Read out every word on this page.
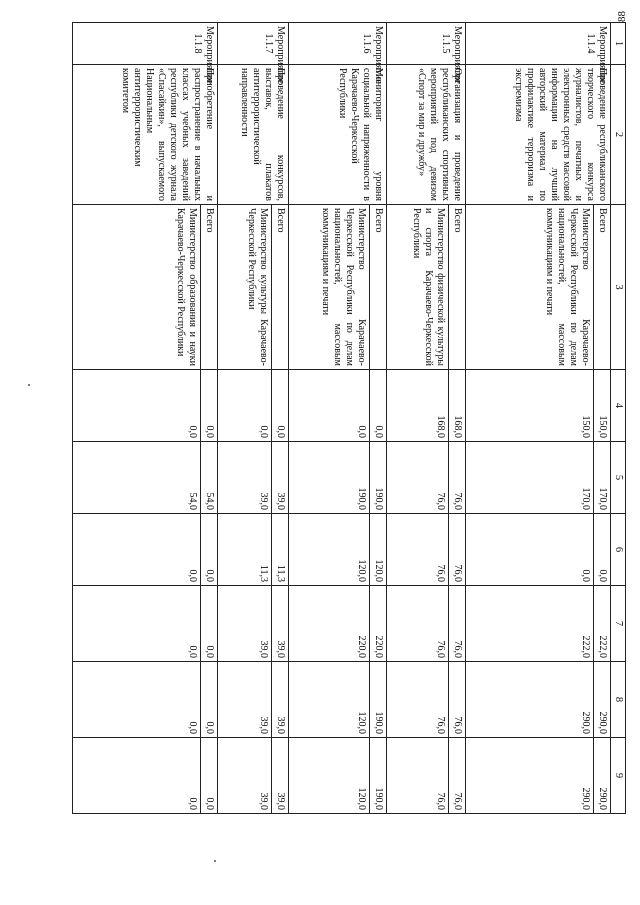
88
1	2	3	4	5	6	7	8	9
Мероприятие 1.1.4	Проведение республиканского творческого конкурса журналистов, печатных и электронных средств массовой информации на лучший авторский материал по профилактике терроризма и экстремизма	Всего	150,0	170,0	0,0	222,0	290,0	290,0
		Министерство Карачаево-Черкесской Республики по делам национальностей, массовым коммуникациям и печати	150,0	170,0	0,0	222,0	290,0	290,0
Мероприятие 1.1.5	Организация и проведение республиканских спортивных мероприятий под девизом «Спорт за мир и дружбу»	Всего	168,0	76,0	76,0	76,0	76,0	76,0
		Министерство физической культуры и спорта Карачаево-Черкесской Республики	168,0	76,0	76,0	76,0	76,0	76,0
Мероприятие 1.1.6	Мониторинг уровня социальной напряженности в Карачаево-Черкесской Республики	Всего	0,0	190,0	120,0	220,0	190,0	190,0
		Министерство Карачаево-Черкесской Республики по делам национальностей, массовым коммуникациям и печати	0,0	190,0	120,0	220,0	120,0	120,0
Мероприятие 1.1.7	Проведение конкурсов, выставок, плакатов антитеррористической направленности	Всего	0,0	39,0	11,3	39,0	39,0	39,0
		Министерство культуры Карачаево-Черкесской Республики	0,0	39,0	11,3	39,0	39,0	39,0
Мероприятие 1.1.8	Приобретение и распространение в начальных классах учебных заведений республики детского журнала «Спасайкин», выпускаемого Национальным антитеррористическим комитетом	Всего	0,0	54,0	0,0	0,0	0,0	0,0
		Министерство образования и науки Карачаево-Черкесской Республики	0,0	54,0	0,0	0,0	0,0	0,0
